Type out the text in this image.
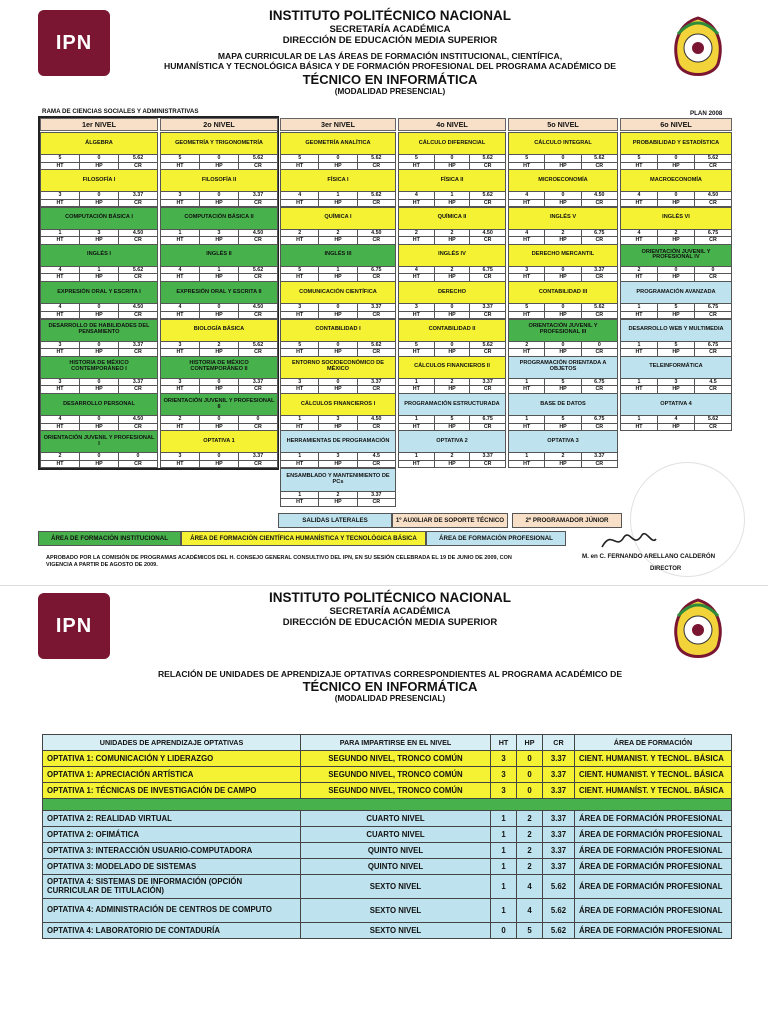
IPN
INSTITUTO POLITÉCNICO NACIONAL
SECRETARÍA ACADÉMICA
DIRECCIÓN DE EDUCACIÓN MEDIA SUPERIOR
MAPA CURRICULAR DE LAS ÁREAS DE FORMACIÓN INSTITUCIONAL, CIENTÍFICA,
HUMANÍSTICA Y TECNOLÓGICA BÁSICA Y DE FORMACIÓN PROFESIONAL DEL PROGRAMA ACADÉMICO DE
TÉCNICO EN INFORMÁTICA
(MODALIDAD PRESENCIAL)
RAMA DE CIENCIAS SOCIALES Y ADMINISTRATIVAS	PLAN 2008
1er NIVEL	2o NIVEL	3er NIVEL	4o NIVEL	5o NIVEL	6o NIVEL
ÁLGEBRA
5	0	5.62
HT	HP	CR
FILOSOFÍA I
3	0	3.37
HT	HP	CR
COMPUTACIÓN BÁSICA I
1	3	4.50
HT	HP	CR
INGLÉS I
4	1	5.62
HT	HP	CR
EXPRESIÓN ORAL Y ESCRITA I
4	0	4.50
HT	HP	CR
DESARROLLO DE HABILIDADES DEL PENSAMIENTO
3	0	3.37
HT	HP	CR
HISTORIA DE MÉXICO CONTEMPORÁNEO I
3	0	3.37
HT	HP	CR
DESARROLLO PERSONAL
4	0	4.50
HT	HP	CR
ORIENTACIÓN JUVENIL Y PROFESIONAL I
2	0	0
HT	HP	CR
GEOMETRÍA Y TRIGONOMETRÍA
5	0	5.62
HT	HP	CR
FILOSOFÍA II
3	0	3.37
HT	HP	CR
COMPUTACIÓN BÁSICA II
1	3	4.50
HT	HP	CR
INGLÉS II
4	1	5.62
HT	HP	CR
EXPRESIÓN ORAL Y ESCRITA II
4	0	4.50
HT	HP	CR
BIOLOGÍA BÁSICA
3	2	5.62
HT	HP	CR
HISTORIA DE MÉXICO CONTEMPORÁNEO II
3	0	3.37
HT	HP	CR
ORIENTACIÓN JUVENIL Y PROFESIONAL II
2	0	0
HT	HP	CR
OPTATIVA 1
3	0	3.37
HT	HP	CR
GEOMETRÍA ANALÍTICA
5	0	5.62
HT	HP	CR
FÍSICA I
4	1	5.62
HT	HP	CR
QUÍMICA I
2	2	4.50
HT	HP	CR
INGLÉS III
5	1	6.75
HT	HP	CR
COMUNICACIÓN CIENTÍFICA
3	0	3.37
HT	HP	CR
CONTABILIDAD I
5	0	5.62
HT	HP	CR
ENTORNO SOCIOECONÓMICO DE MÉXICO
3	0	3.37
HT	HP	CR
CÁLCULOS FINANCIEROS I
1	3	4.50
HT	HP	CR
HERRAMIENTAS DE PROGRAMACIÓN
1	3	4.5
HT	HP	CR
ENSAMBLADO Y MANTENIMIENTO DE PCs
1	2	3.37
HT	HP	CR
CÁLCULO DIFERENCIAL
5	0	5.62
HT	HP	CR
FÍSICA II
4	1	5.62
HT	HP	CR
QUÍMICA II
2	2	4.50
HT	HP	CR
INGLÉS IV
4	2	6.75
HT	HP	CR
DERECHO
3	0	3.37
HT	HP	CR
CONTABILIDAD II
5	0	5.62
HT	HP	CR
CÁLCULOS FINANCIEROS II
1	2	3.37
HT	HP	CR
PROGRAMACIÓN ESTRUCTURADA
1	5	6.75
HT	HP	CR
OPTATIVA 2
1	2	3.37
HT	HP	CR
CÁLCULO INTEGRAL
5	0	5.62
HT	HP	CR
MICROECONOMÍA
4	0	4.50
HT	HP	CR
INGLÉS V
4	2	6.75
HT	HP	CR
DERECHO MERCANTIL
3	0	3.37
HT	HP	CR
CONTABILIDAD III
5	0	5.62
HT	HP	CR
ORIENTACIÓN JUVENIL Y PROFESIONAL III
2	0	0
HT	HP	CR
PROGRAMACIÓN ORIENTADA A OBJETOS
1	5	6.75
HT	HP	CR
BASE DE DATOS
1	5	6.75
HT	HP	CR
OPTATIVA 3
1	2	3.37
HT	HP	CR
PROBABILIDAD Y ESTADÍSTICA
5	0	5.62
HT	HP	CR
MACROECONOMÍA
4	0	4.50
HT	HP	CR
INGLÉS VI
4	2	6.75
HT	HP	CR
ORIENTACIÓN JUVENIL Y PROFESIONAL IV
2	0	0
HT	HP	CR
PROGRAMACIÓN AVANZADA
1	5	6.75
HT	HP	CR
DESARROLLO WEB Y MULTIMEDIA
1	5	6.75
HT	HP	CR
TELEINFORMÁTICA
1	3	4.5
HT	HP	CR
OPTATIVA 4
1	4	5.62
HT	HP	CR
SALIDAS LATERALES	1º AUXILIAR DE SOPORTE TÉCNICO	2º PROGRAMADOR JÚNIOR
ÁREA DE FORMACIÓN INSTITUCIONAL	ÁREA DE FORMACIÓN CIENTÍFICA HUMANÍSTICA Y TECNOLÓGICA BÁSICA	ÁREA DE FORMACIÓN PROFESIONAL
APROBADO POR LA COMISIÓN DE PROGRAMAS ACADÉMICOS DEL H. CONSEJO GENERAL CONSULTIVO DEL IPN, EN SU SESIÓN CELEBRADA EL 19 DE JUNIO DE 2009, CON VIGENCIA A PARTIR DE AGOSTO DE 2009.
M. en C. FERNANDO ARELLANO CALDERÓN
DIRECTOR
IPN
INSTITUTO POLITÉCNICO NACIONAL
SECRETARÍA ACADÉMICA
DIRECCIÓN DE EDUCACIÓN MEDIA SUPERIOR
RELACIÓN DE UNIDADES DE APRENDIZAJE OPTATIVAS CORRESPONDIENTES AL PROGRAMA ACADÉMICO DE
TÉCNICO EN INFORMÁTICA
(MODALIDAD PRESENCIAL)
UNIDADES DE APRENDIZAJE OPTATIVAS	PARA IMPARTIRSE EN EL NIVEL	HT	HP	CR	ÁREA DE FORMACIÓN
OPTATIVA 1: COMUNICACIÓN Y LIDERAZGO	SEGUNDO NIVEL, TRONCO COMÚN	3	0	3.37	CIENT. HUMANIST. Y TECNOL. BÁSICA
OPTATIVA 1: APRECIACIÓN ARTÍSTICA	SEGUNDO NIVEL, TRONCO COMÚN	3	0	3.37	CIENT. HUMANIST. Y TECNOL. BÁSICA
OPTATIVA 1: TÉCNICAS DE INVESTIGACIÓN DE CAMPO	SEGUNDO NIVEL, TRONCO COMÚN	3	0	3.37	CIENT. HUMANÍST. Y TECNOL. BÁSICA

OPTATIVA 2: REALIDAD VIRTUAL	CUARTO NIVEL	1	2	3.37	ÁREA DE FORMACIÓN PROFESIONAL
OPTATIVA 2: OFIMÁTICA	CUARTO NIVEL	1	2	3.37	ÁREA DE FORMACIÓN PROFESIONAL
OPTATIVA 3: INTERACCIÓN USUARIO-COMPUTADORA	QUINTO NIVEL	1	2	3.37	ÁREA DE FORMACIÓN PROFESIONAL
OPTATIVA 3: MODELADO DE SISTEMAS	QUINTO NIVEL	1	2	3.37	ÁREA DE FORMACIÓN PROFESIONAL
OPTATIVA 4: SISTEMAS DE INFORMACIÓN (OPCIÓN CURRICULAR DE TITULACIÓN)	SEXTO NIVEL	1	4	5.62	ÁREA DE FORMACIÓN PROFESIONAL
OPTATIVA 4: ADMINISTRACIÓN DE CENTROS DE COMPUTO	SEXTO NIVEL	1	4	5.62	ÁREA DE FORMACIÓN PROFESIONAL
OPTATIVA 4: LABORATORIO DE CONTADURÍA	SEXTO NIVEL	0	5	5.62	ÁREA DE FORMACIÓN PROFESIONAL
